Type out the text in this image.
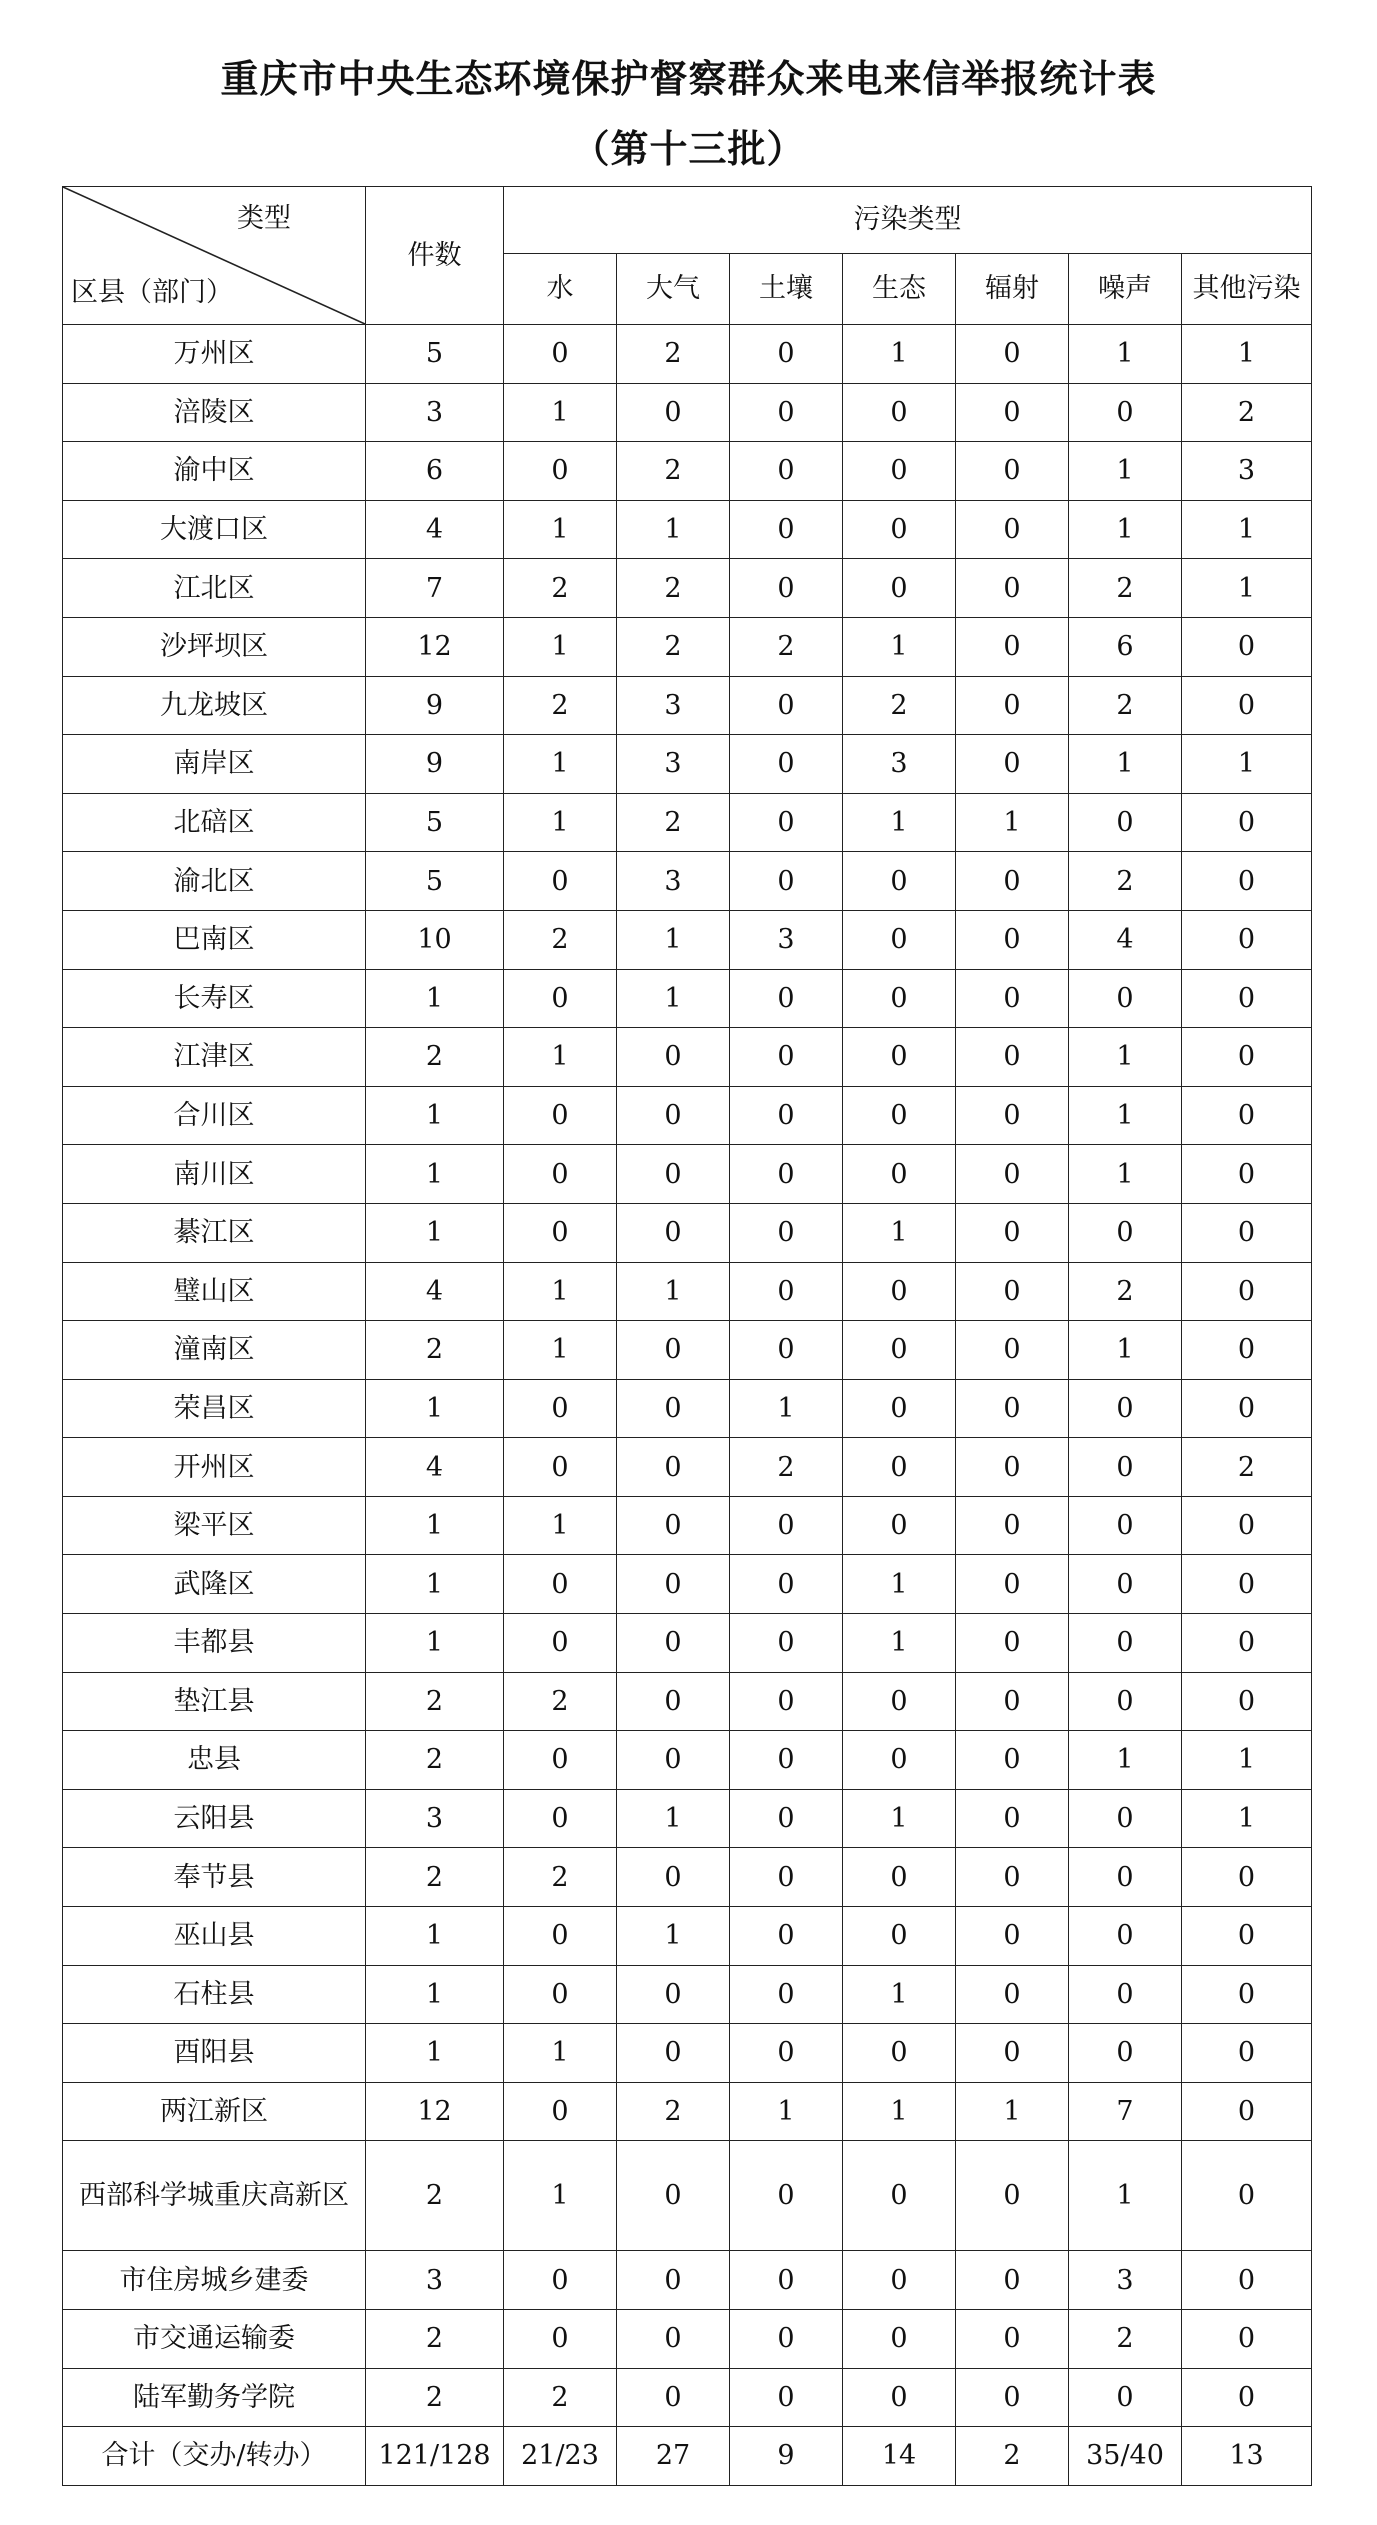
重庆市中央生态环境保护督察群众来电来信举报统计表
（第十三批）
类型
区县（部门）	件数	污染类型						
		水	大气	土壤	生态	辐射	噪声	其他污染
万州区	5	0	2	0	1	0	1	1
涪陵区	3	1	0	0	0	0	0	2
渝中区	6	0	2	0	0	0	1	3
大渡口区	4	1	1	0	0	0	1	1
江北区	7	2	2	0	0	0	2	1
沙坪坝区	12	1	2	2	1	0	6	0
九龙坡区	9	2	3	0	2	0	2	0
南岸区	9	1	3	0	3	0	1	1
北碚区	5	1	2	0	1	1	0	0
渝北区	5	0	3	0	0	0	2	0
巴南区	10	2	1	3	0	0	4	0
长寿区	1	0	1	0	0	0	0	0
江津区	2	1	0	0	0	0	1	0
合川区	1	0	0	0	0	0	1	0
南川区	1	0	0	0	0	0	1	0
綦江区	1	0	0	0	1	0	0	0
璧山区	4	1	1	0	0	0	2	0
潼南区	2	1	0	0	0	0	1	0
荣昌区	1	0	0	1	0	0	0	0
开州区	4	0	0	2	0	0	0	2
梁平区	1	1	0	0	0	0	0	0
武隆区	1	0	0	0	1	0	0	0
丰都县	1	0	0	0	1	0	0	0
垫江县	2	2	0	0	0	0	0	0
忠县	2	0	0	0	0	0	1	1
云阳县	3	0	1	0	1	0	0	1
奉节县	2	2	0	0	0	0	0	0
巫山县	1	0	1	0	0	0	0	0
石柱县	1	0	0	0	1	0	0	0
酉阳县	1	1	0	0	0	0	0	0
两江新区	12	0	2	1	1	1	7	0
西部科学城重庆高新区	2	1	0	0	0	0	1	0
市住房城乡建委	3	0	0	0	0	0	3	0
市交通运输委	2	0	0	0	0	0	2	0
陆军勤务学院	2	2	0	0	0	0	0	0
合计（交办/转办）	121/128	21/23	27	9	14	2	35/40	13
